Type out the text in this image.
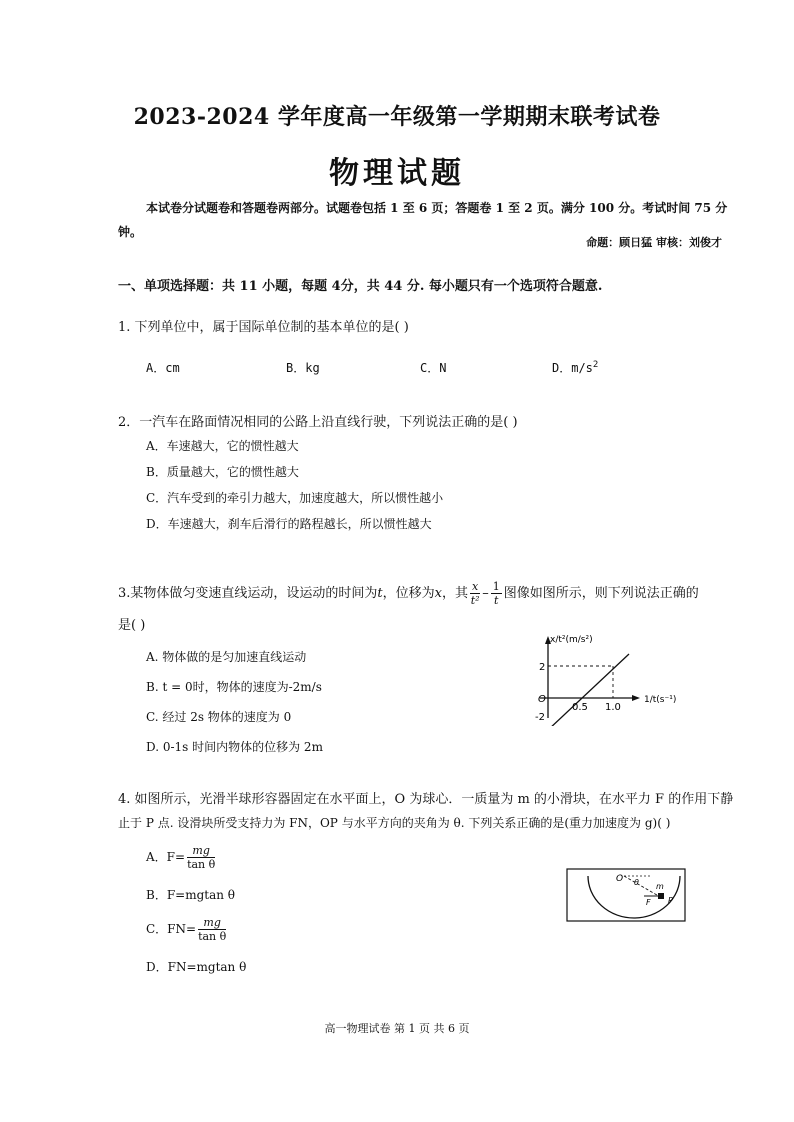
2023-2024 学年度高一年级第一学期期末联考试卷
物理试题
本试卷分试题卷和答题卷两部分。试题卷包括 1 至 6 页；答题卷 1 至 2 页。满分 100 分。考试时间 75 分钟。
命题：顾日猛 审核：刘俊才
一、单项选择题：共 11 小题，每题 4分，共 44 分. 每小题只有一个选项符合题意.
1. 下列单位中，属于国际单位制的基本单位的是( )
A．cm	B．kg	C．N	D．$m/s^2$
2．一汽车在路面情况相同的公路上沿直线行驶，下列说法正确的是( )
A．车速越大，它的惯性越大
B．质量越大，它的惯性越大
C．汽车受到的牵引力越大，加速度越大，所以惯性越小
D．车速越大，刹车后滑行的路程越长，所以惯性越大
3.某物体做匀变速直线运动，设运动的时间为t，位移为x，其 $\frac{x}{\text{t²}} - \frac{1}{t}$ 图像如图所示，则下列说法正确的
是( )
A. 物体做的是匀加速直线运动
B. t = 0时，物体的速度为-2m/s
C. 经过 2s 物体的速度为 0
D. 0-1s 时间内物体的位移为 2m
x/t²(m/s²)
1/t(s⁻¹)
O
2
-2
0.5 1.0
4. 如图所示，光滑半球形容器固定在水平面上，O 为球心．一质量为 m 的小滑块，在水平力 F 的作用下静
止于 P 点. 设滑块所受支持力为 FN，OP 与水平方向的夹角为 θ. 下列关系正确的是(重力加速度为 g)( )
A．$F= \frac{mg}{\text{tan θ}}$
B．F=mgtan θ
C．$FN= \frac{mg}{\text{tan θ}}$
D．FN=mgtan θ
O θ m
F P
高一物理试卷 第 1 页 共 6 页
